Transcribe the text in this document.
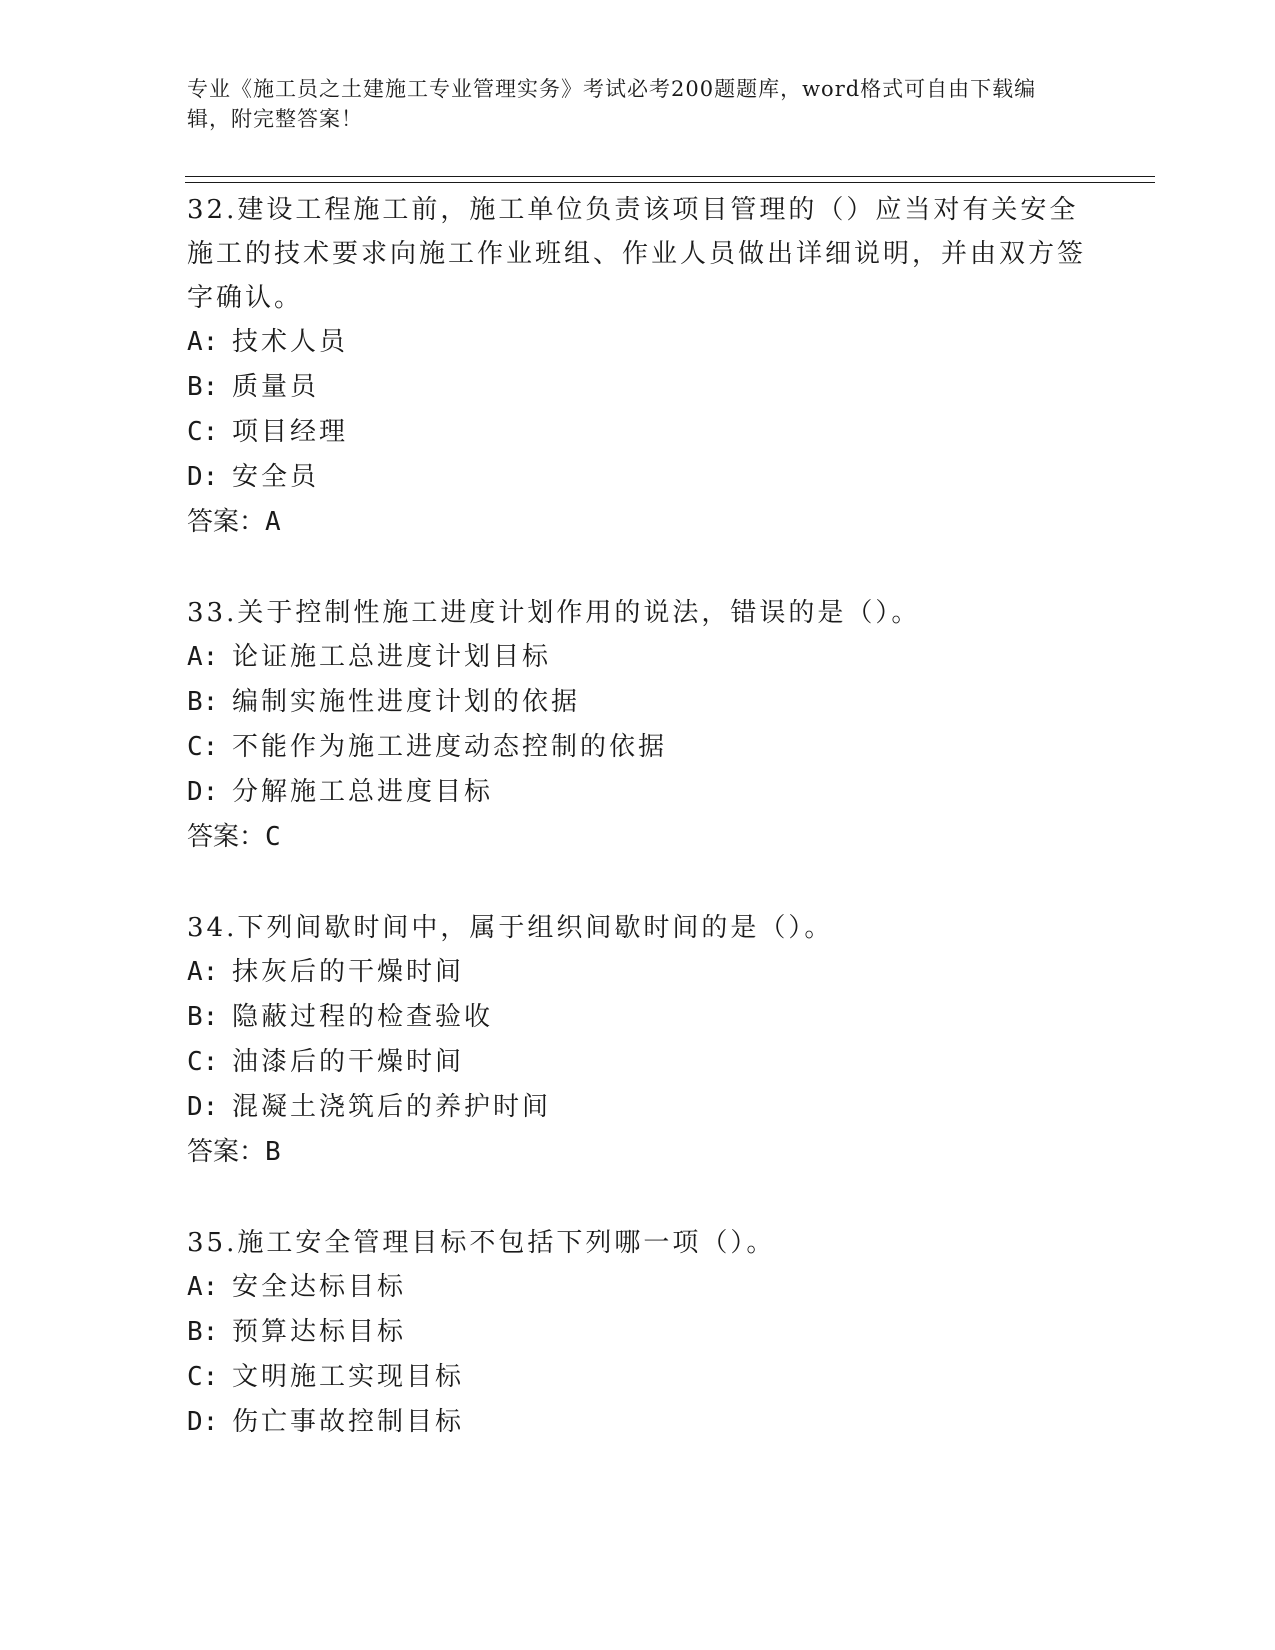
专业《施工员之土建施工专业管理实务》考试必考200题题库，word格式可自由下载编辑，附完整答案！
32.建设工程施工前，施工单位负责该项目管理的（）应当对有关安全施工的技术要求向施工作业班组、作业人员做出详细说明，并由双方签字确认。
A: 技术人员
B: 质量员
C: 项目经理
D: 安全员
答案：A
33.关于控制性施工进度计划作用的说法，错误的是（）。
A: 论证施工总进度计划目标
B: 编制实施性进度计划的依据
C: 不能作为施工进度动态控制的依据
D: 分解施工总进度目标
答案：C
34.下列间歇时间中，属于组织间歇时间的是（）。
A: 抹灰后的干燥时间
B: 隐蔽过程的检查验收
C: 油漆后的干燥时间
D: 混凝土浇筑后的养护时间
答案：B
35.施工安全管理目标不包括下列哪一项（）。
A: 安全达标目标
B: 预算达标目标
C: 文明施工实现目标
D: 伤亡事故控制目标
